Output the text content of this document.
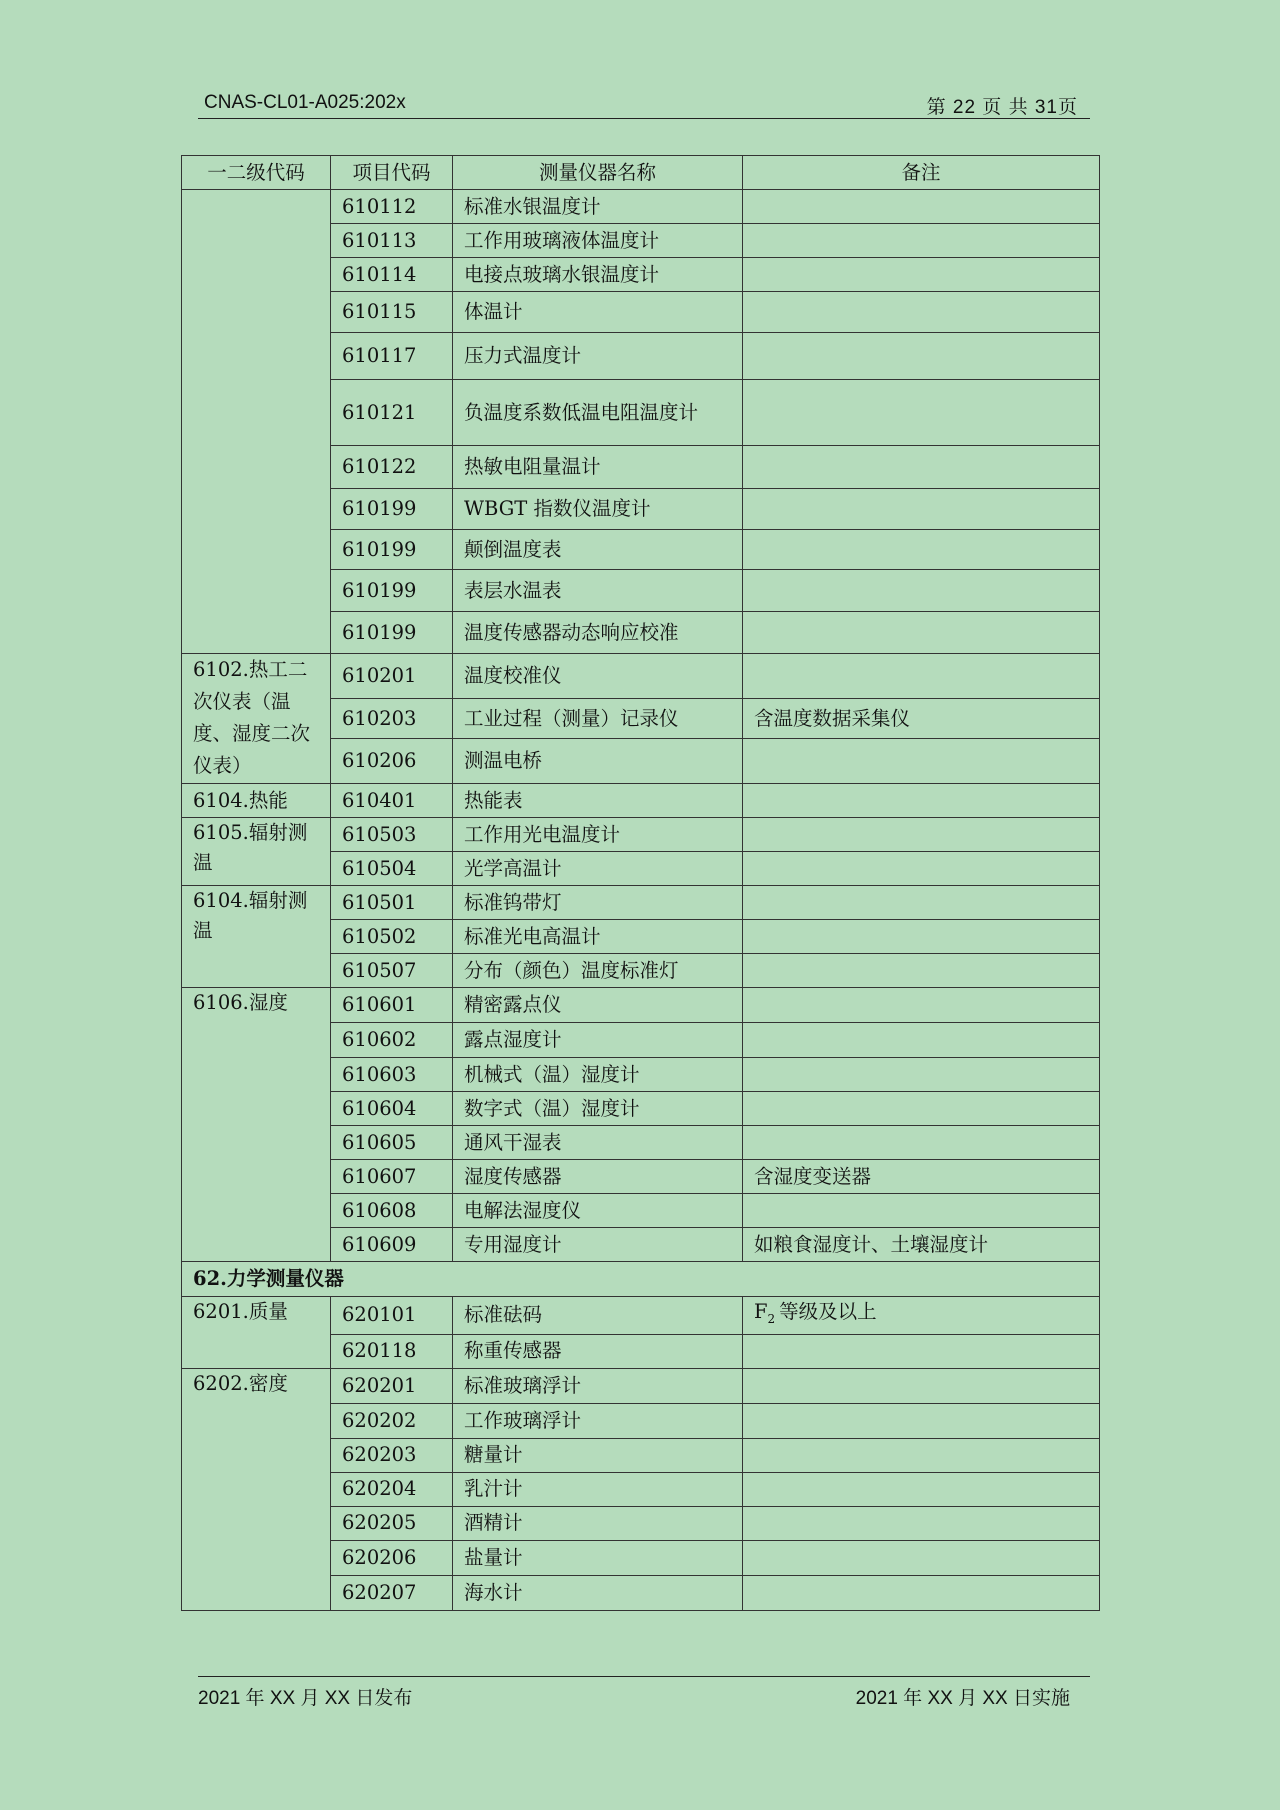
CNAS-CL01-A025:202x	第 22 页 共 31页
一二级代码	项目代码	测量仪器名称	备注
	610112	标准水银温度计	
	610113	工作用玻璃液体温度计	
	610114	电接点玻璃水银温度计	
	610115	体温计	
	610117	压力式温度计	
	610121	负温度系数低温电阻温度计	
	610122	热敏电阻量温计	
	610199	WBGT 指数仪温度计	
	610199	颠倒温度表	
	610199	表层水温表	
	610199	温度传感器动态响应校准	
6102.热工二次仪表（温度、湿度二次仪表）	610201	温度校准仪	
	610203	工业过程（测量）记录仪	含温度数据采集仪
	610206	测温电桥	
6104.热能	610401	热能表	
6105.辐射测温	610503	工作用光电温度计	
	610504	光学高温计	
6104.辐射测温	610501	标准钨带灯	
	610502	标准光电高温计	
	610507	分布（颜色）温度标准灯	
6106.湿度	610601	精密露点仪	
	610602	露点湿度计	
	610603	机械式（温）湿度计	
	610604	数字式（温）湿度计	
	610605	通风干湿表	
	610607	湿度传感器	含湿度变送器
	610608	电解法湿度仪	
	610609	专用湿度计	如粮食湿度计、土壤湿度计
62.力学测量仪器			
6201.质量	620101	标准砝码	$F_2$ 等级及以上
	620118	称重传感器	
6202.密度	620201	标准玻璃浮计	
	620202	工作玻璃浮计	
	620203	糖量计	
	620204	乳汁计	
	620205	酒精计	
	620206	盐量计	
	620207	海水计	
2021 年 XX 月 XX 日发布	2021 年 XX 月 XX 日实施
